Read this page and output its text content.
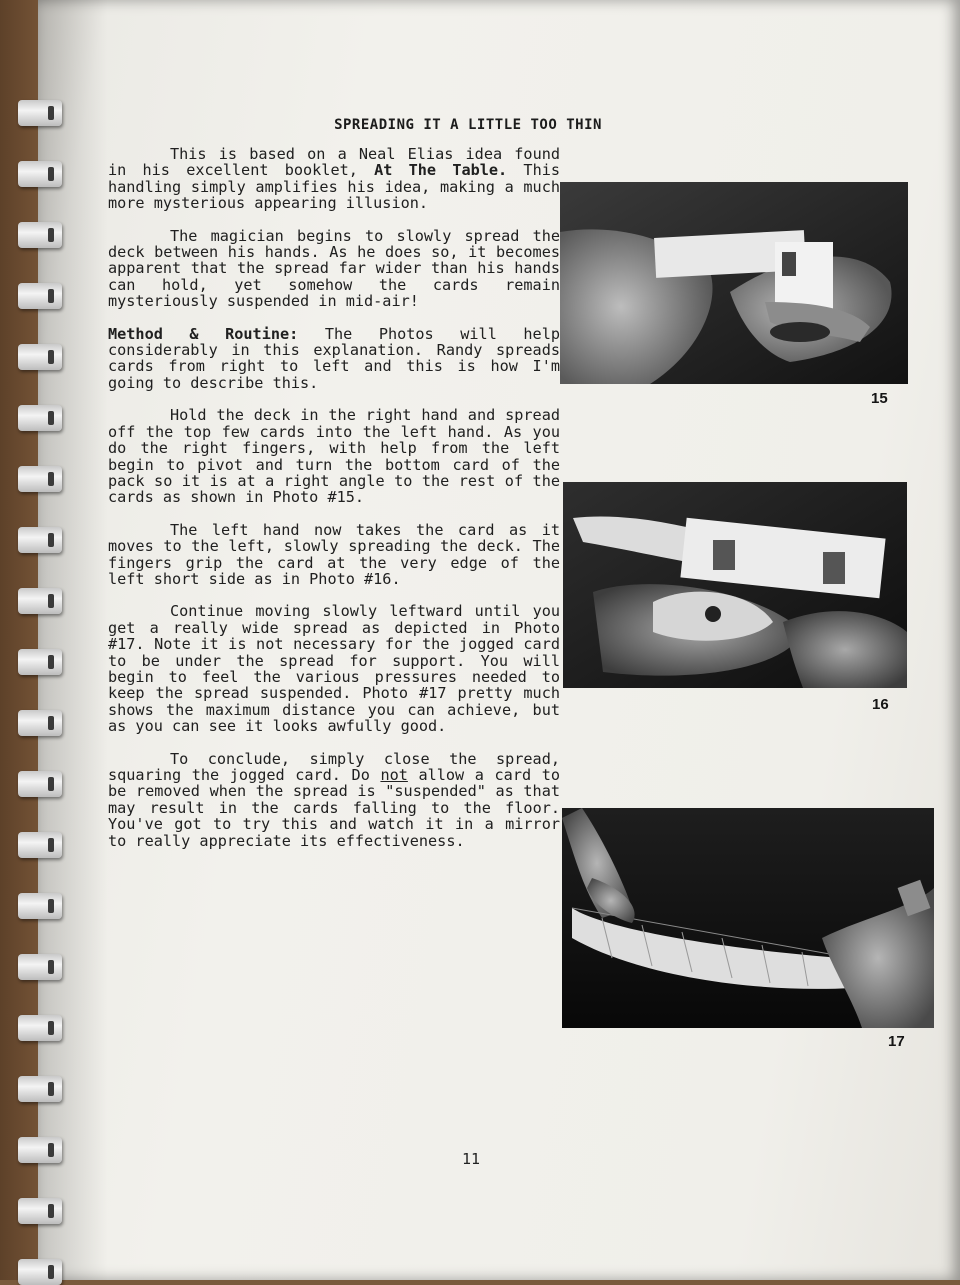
SPREADING IT A LITTLE TOO THIN

This is based on a Neal Elias idea found in his excellent booklet, At The Table. This handling simply amplifies his idea, making a much more mysterious appearing illusion.

The magician begins to slowly spread the deck between his hands. As he does so, it becomes apparent that the spread far wider than his hands can hold, yet somehow the cards remain mysteriously suspended in mid-air!

Method & Routine: The Photos will help considerably in this explanation. Randy spreads cards from right to left and this is how I'm going to describe this.

Hold the deck in the right hand and spread off the top few cards into the left hand. As you do the right fingers, with help from the left begin to pivot and turn the bottom card of the pack so it is at a right angle to the rest of the cards as shown in Photo #15.

The left hand now takes the card as it moves to the left, slowly spreading the deck. The fingers grip the card at the very edge of the left short side as in Photo #16.

Continue moving slowly leftward until you get a really wide spread as depicted in Photo #17. Note it is not necessary for the jogged card to be under the spread for support. You will begin to feel the various pressures needed to keep the spread suspended. Photo #17 pretty much shows the maximum distance you can achieve, but as you can see it looks awfully good.

To conclude, simply close the spread, squaring the jogged card. Do not allow a card to be removed when the spread is "suspended" as that may result in the cards falling to the floor. You've got to try this and watch it in a mirror to really appreciate its effectiveness.

15
16
17
11
